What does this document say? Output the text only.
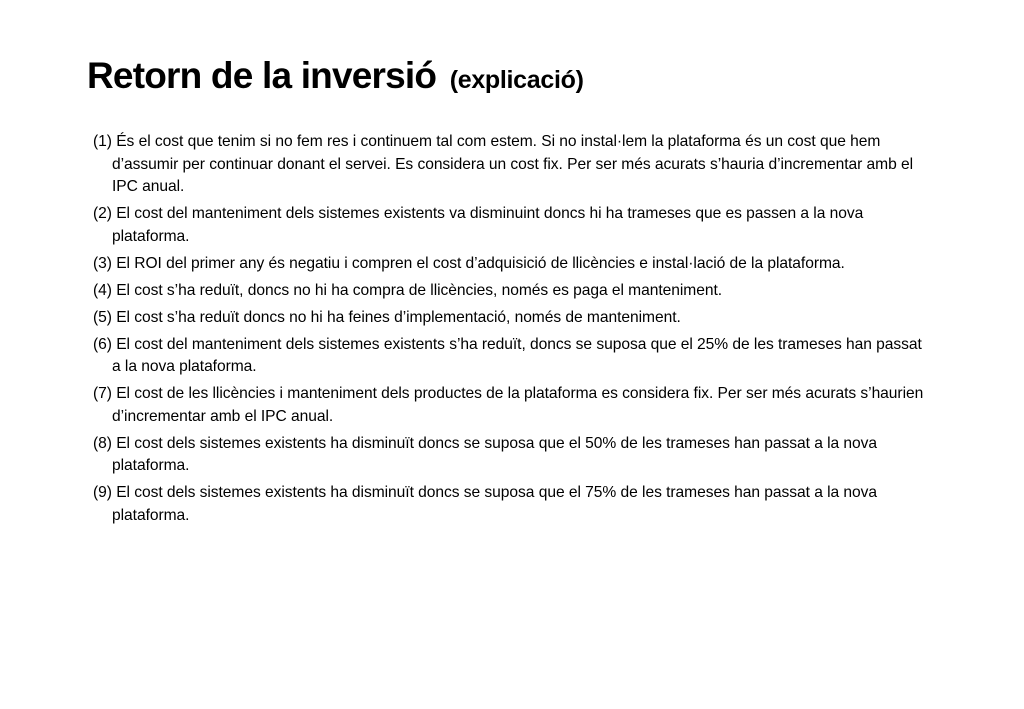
Retorn de la inversió (explicació)
(1) És el cost que tenim si no fem res i continuem tal com estem. Si no instal·lem la plataforma és un cost que hem d’assumir per continuar donant el servei. Es considera un cost fix. Per ser més acurats s’hauria d’incrementar amb el IPC anual.
(2) El cost del manteniment dels sistemes existents va disminuint doncs hi ha trameses que es passen a la nova plataforma.
(3) El ROI del primer any és negatiu i compren el cost d’adquisició de llicències e instal·lació de la plataforma.
(4) El cost s’ha reduït, doncs no hi ha compra de llicències, només es paga el manteniment.
(5) El cost s’ha reduït doncs no hi ha feines d’implementació, només de manteniment.
(6) El cost del manteniment dels sistemes existents s’ha reduït, doncs se suposa que el 25% de les trameses han passat a la nova plataforma.
(7) El cost de les llicències i manteniment dels productes de la plataforma es considera fix. Per ser més acurats s’haurien d’incrementar amb el IPC anual.
(8) El cost dels sistemes existents ha disminuït doncs se suposa que el 50% de les trameses han passat a la nova plataforma.
(9) El cost dels sistemes existents ha disminuït doncs se suposa que el 75% de les trameses han passat a la nova plataforma.
